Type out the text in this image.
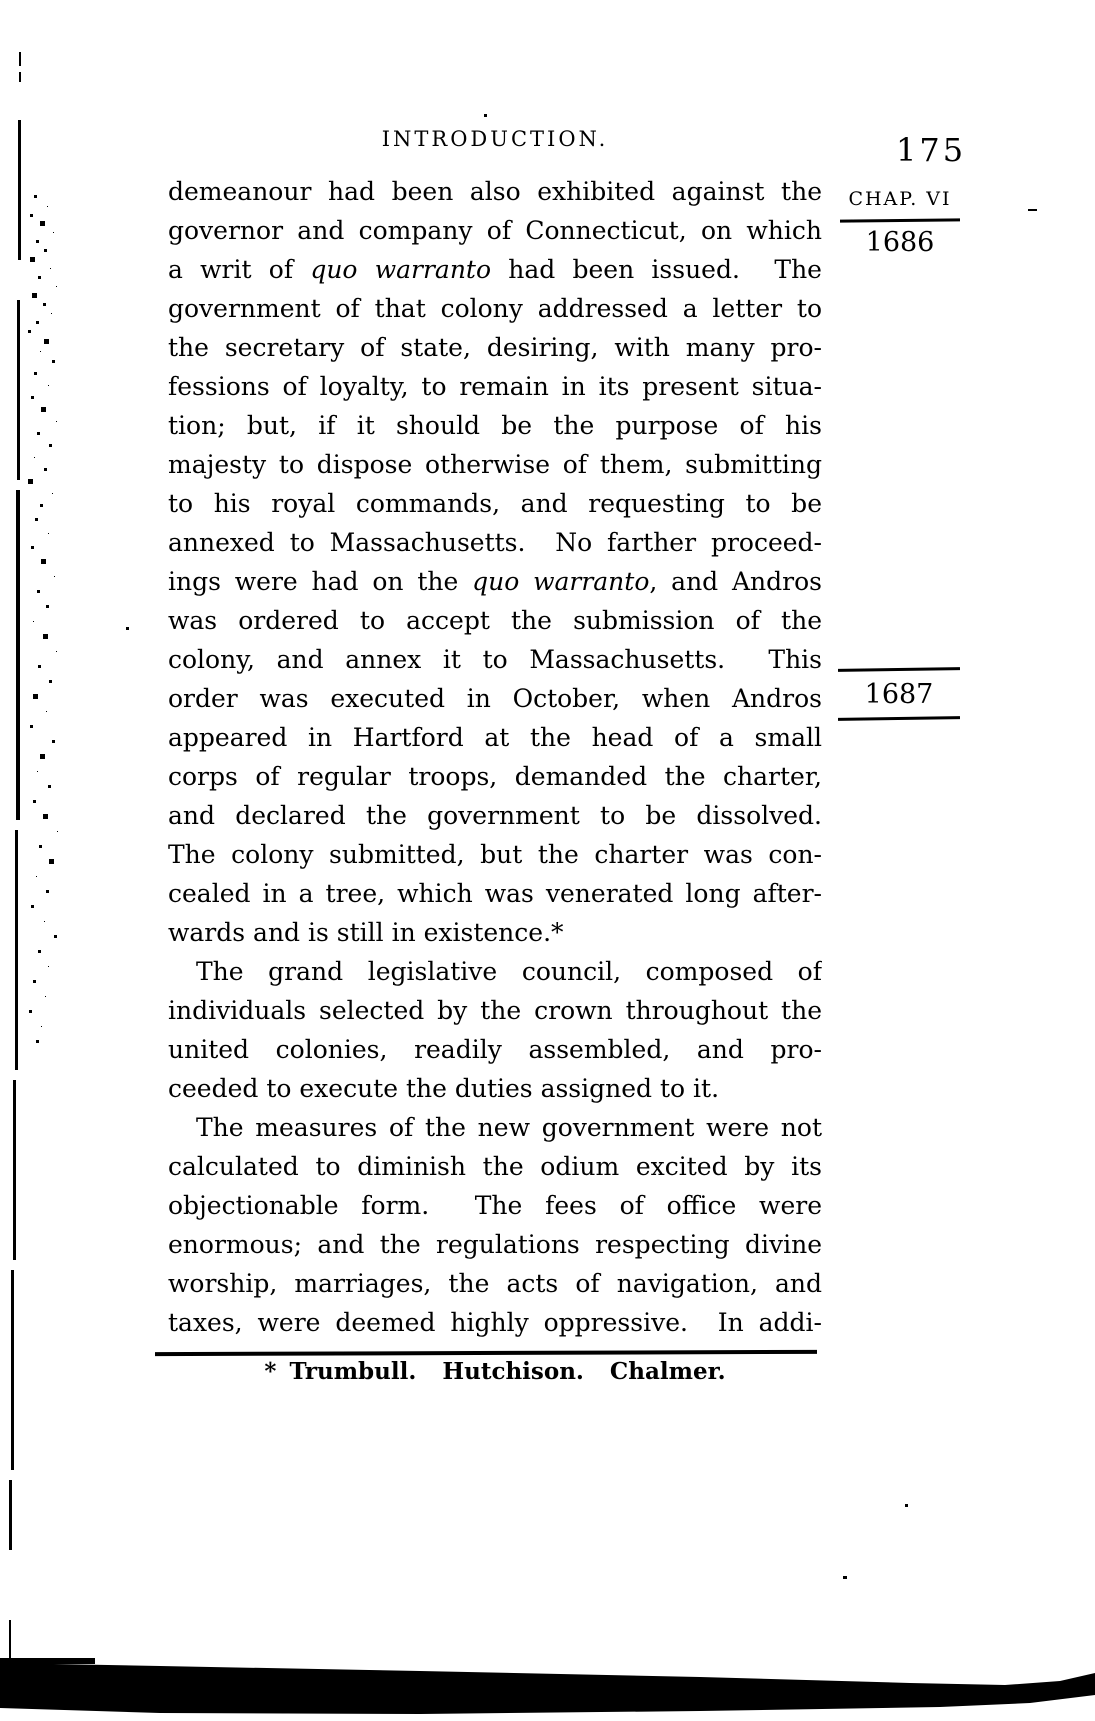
INTRODUCTION.	175
CHAP. VI
1686
1687
demeanour had been also exhibited against the
governor and company of Connecticut, on which
a writ of quo warranto had been issued.  The
government of that colony addressed a letter to
the secretary of state, desiring, with many pro-
fessions of loyalty, to remain in its present situa-
tion; but, if it should be the purpose of his
majesty to dispose otherwise of them, submitting
to his royal commands, and requesting to be
annexed to Massachusetts.  No farther proceed-
ings were had on the quo warranto, and Andros
was ordered to accept the submission of the
colony, and annex it to Massachusetts.  This
order was executed in October, when Andros
appeared in Hartford at the head of a small
corps of regular troops, demanded the charter,
and declared the government to be dissolved.
The colony submitted, but the charter was con-
cealed in a tree, which was venerated long after-
wards and is still in existence.*
The grand legislative council, composed of
individuals selected by the crown throughout the
united colonies, readily assembled, and pro-
ceeded to execute the duties assigned to it.
The measures of the new government were not
calculated to diminish the odium excited by its
objectionable form.  The fees of office were
enormous; and the regulations respecting divine
worship, marriages, the acts of navigation, and
taxes, were deemed highly oppressive.  In addi-
* Trumbull.  Hutchison.  Chalmer.
